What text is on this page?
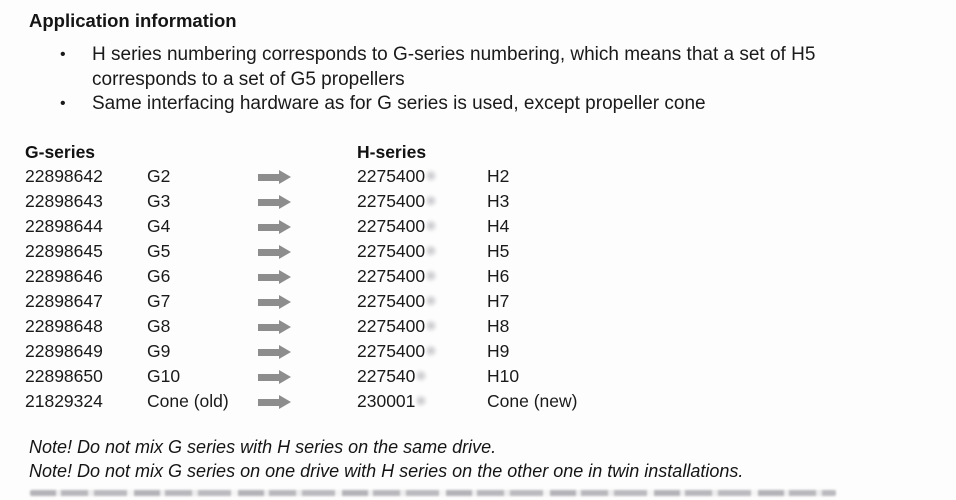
Application information
•	H series numbering corresponds to G-series numbering, which means that a set of H5 corresponds to a set of G5 propellers
•	Same interfacing hardware as for G series is used, except propeller cone
G-series	H-series
22898642	G2	2275400	H2
22898643	G3	2275400	H3
22898644	G4	2275400	H4
22898645	G5	2275400	H5
22898646	G6	2275400	H6
22898647	G7	2275400	H7
22898648	G8	2275400	H8
22898649	G9	2275400	H9
22898650	G10	227540	H10
21829324	Cone (old)	230001	Cone (new)

Note! Do not mix G series with H series on the same drive.

Note! Do not mix G series on one drive with H series on the other one in twin installations.
